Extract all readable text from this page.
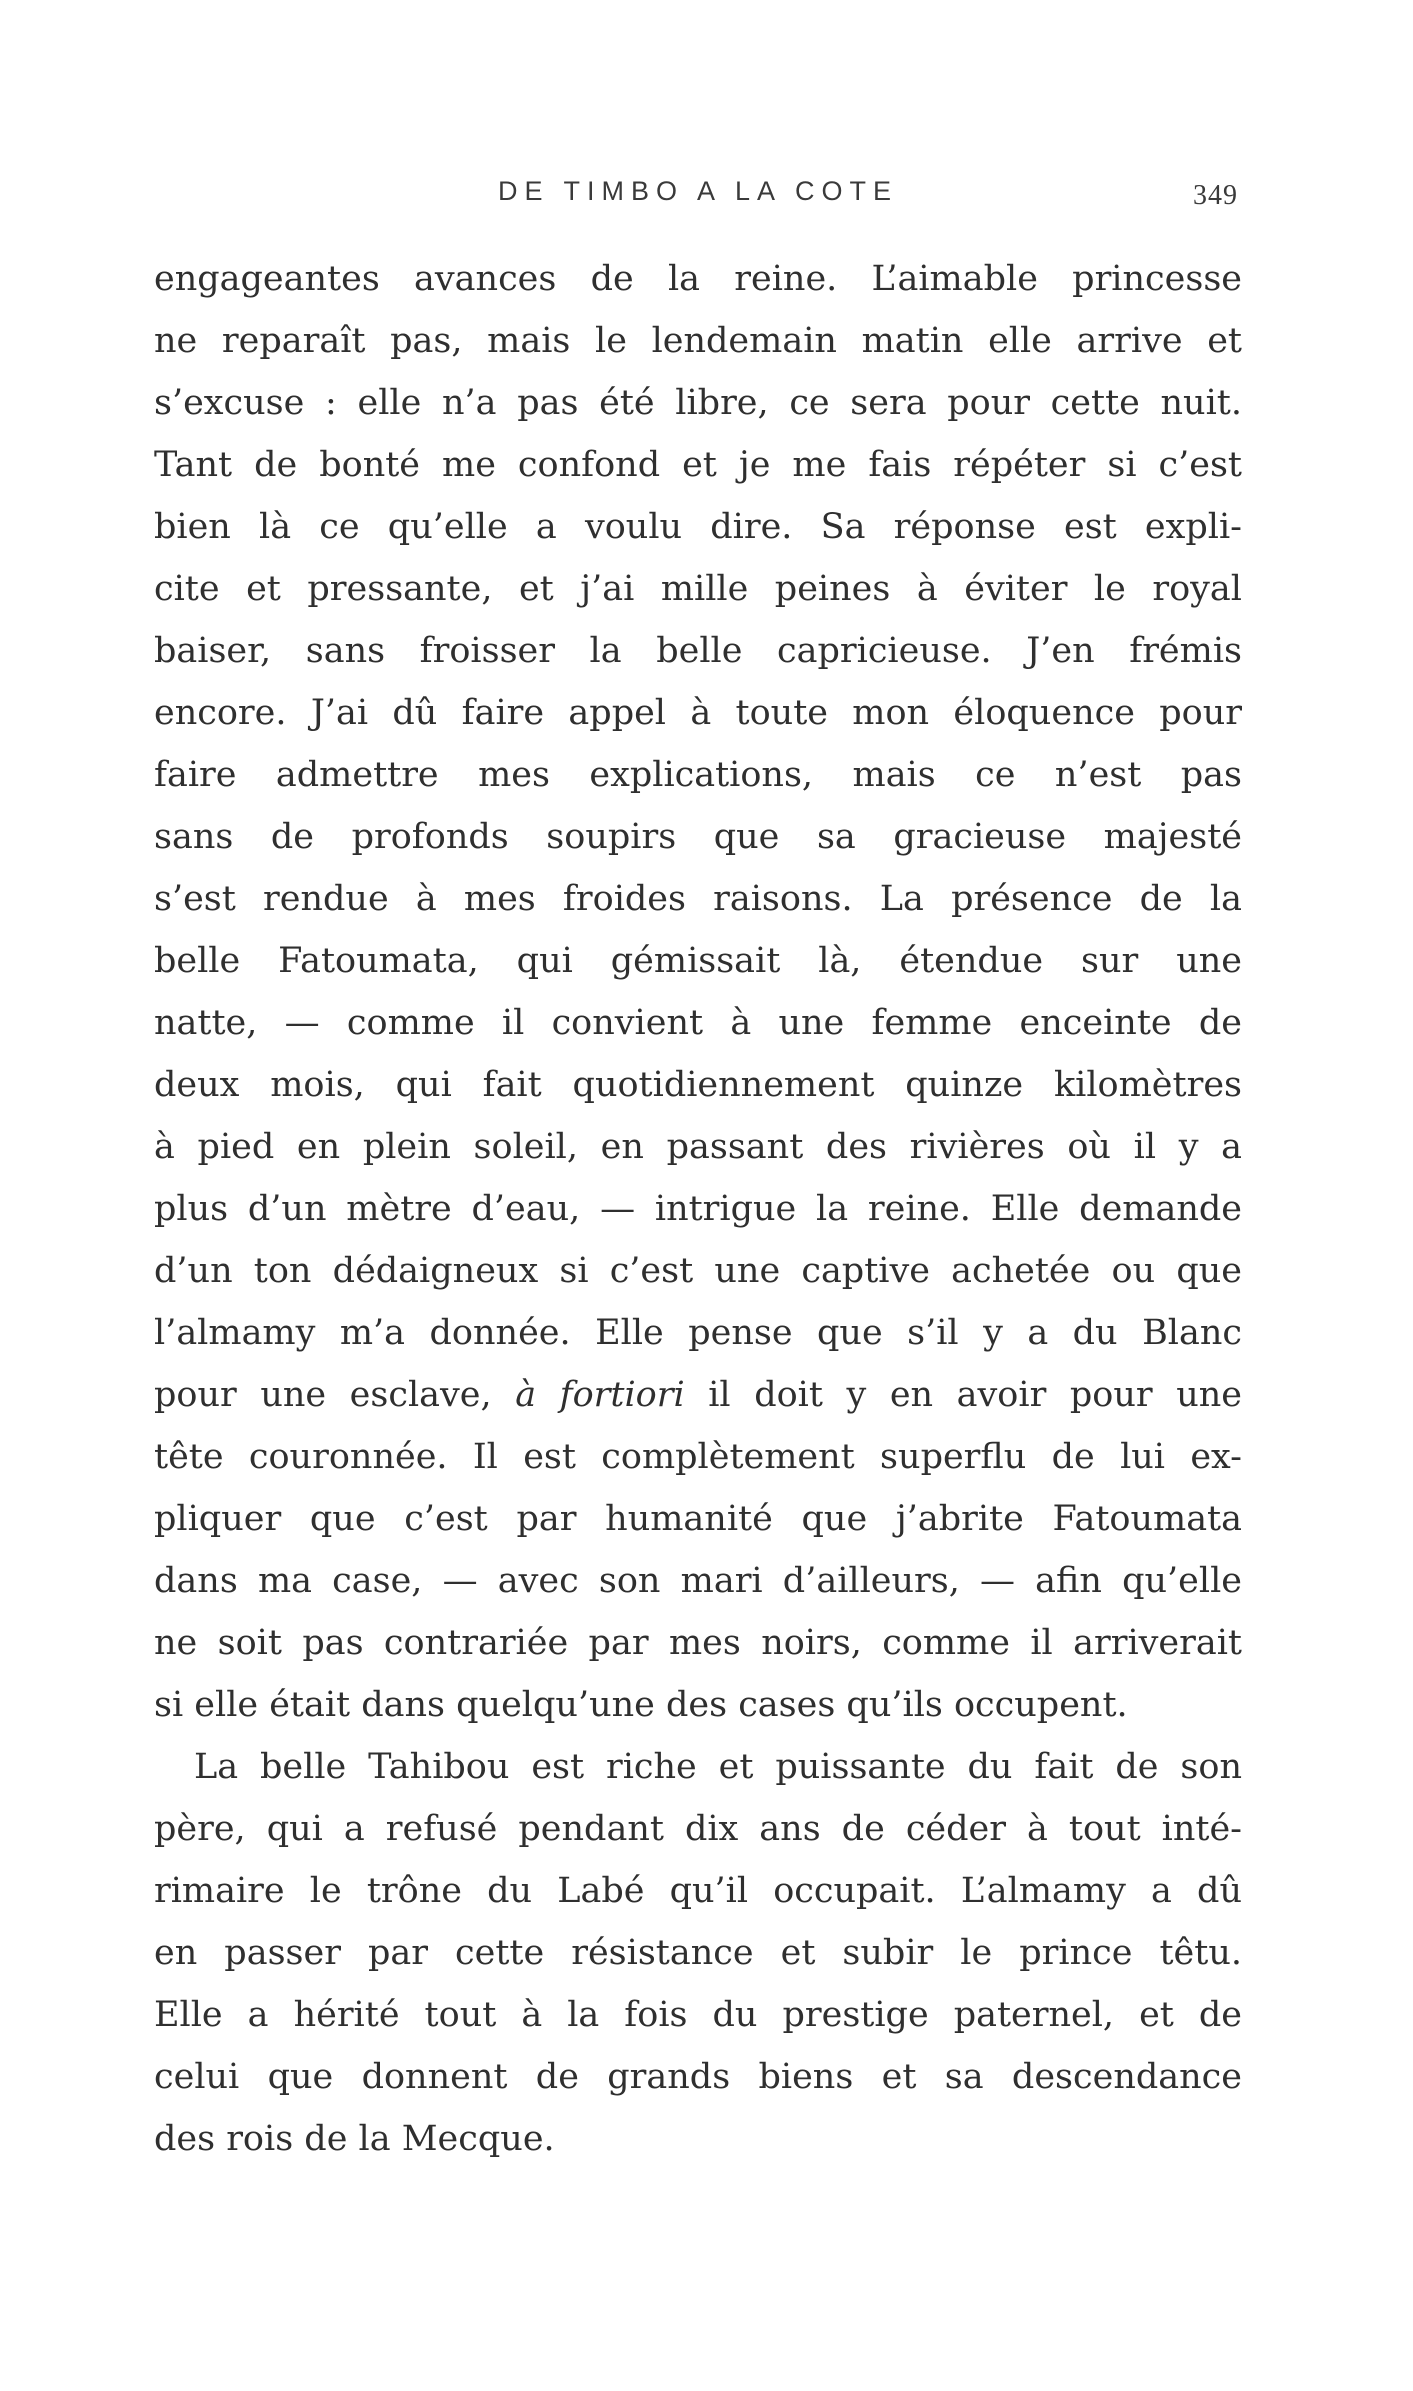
DE TIMBO A LA COTE	349
engageantes avances de la reine. L’aimable princesse
ne reparaît pas, mais le lendemain matin elle arrive et
s’excuse : elle n’a pas été libre, ce sera pour cette nuit.
Tant de bonté me confond et je me fais répéter si c’est
bien là ce qu’elle a voulu dire. Sa réponse est expli-
cite et pressante, et j’ai mille peines à éviter le royal
baiser, sans froisser la belle capricieuse. J’en frémis
encore. J’ai dû faire appel à toute mon éloquence pour
faire admettre mes explications, mais ce n’est pas
sans de profonds soupirs que sa gracieuse majesté
s’est rendue à mes froides raisons. La présence de la
belle Fatoumata, qui gémissait là, étendue sur une
natte, — comme il convient à une femme enceinte de
deux mois, qui fait quotidiennement quinze kilomètres
à pied en plein soleil, en passant des rivières où il y a
plus d’un mètre d’eau, — intrigue la reine. Elle demande
d’un ton dédaigneux si c’est une captive achetée ou que
l’almamy m’a donnée. Elle pense que s’il y a du Blanc
pour une esclave, à fortiori il doit y en avoir pour une
tête couronnée. Il est complètement superflu de lui ex-
pliquer que c’est par humanité que j’abrite Fatoumata
dans ma case, — avec son mari d’ailleurs, — afin qu’elle
ne soit pas contrariée par mes noirs, comme il arriverait
si elle était dans quelqu’une des cases qu’ils occupent.
La belle Tahibou est riche et puissante du fait de son
père, qui a refusé pendant dix ans de céder à tout inté-
rimaire le trône du Labé qu’il occupait. L’almamy a dû
en passer par cette résistance et subir le prince têtu.
Elle a hérité tout à la fois du prestige paternel, et de
celui que donnent de grands biens et sa descendance
des rois de la Mecque.
